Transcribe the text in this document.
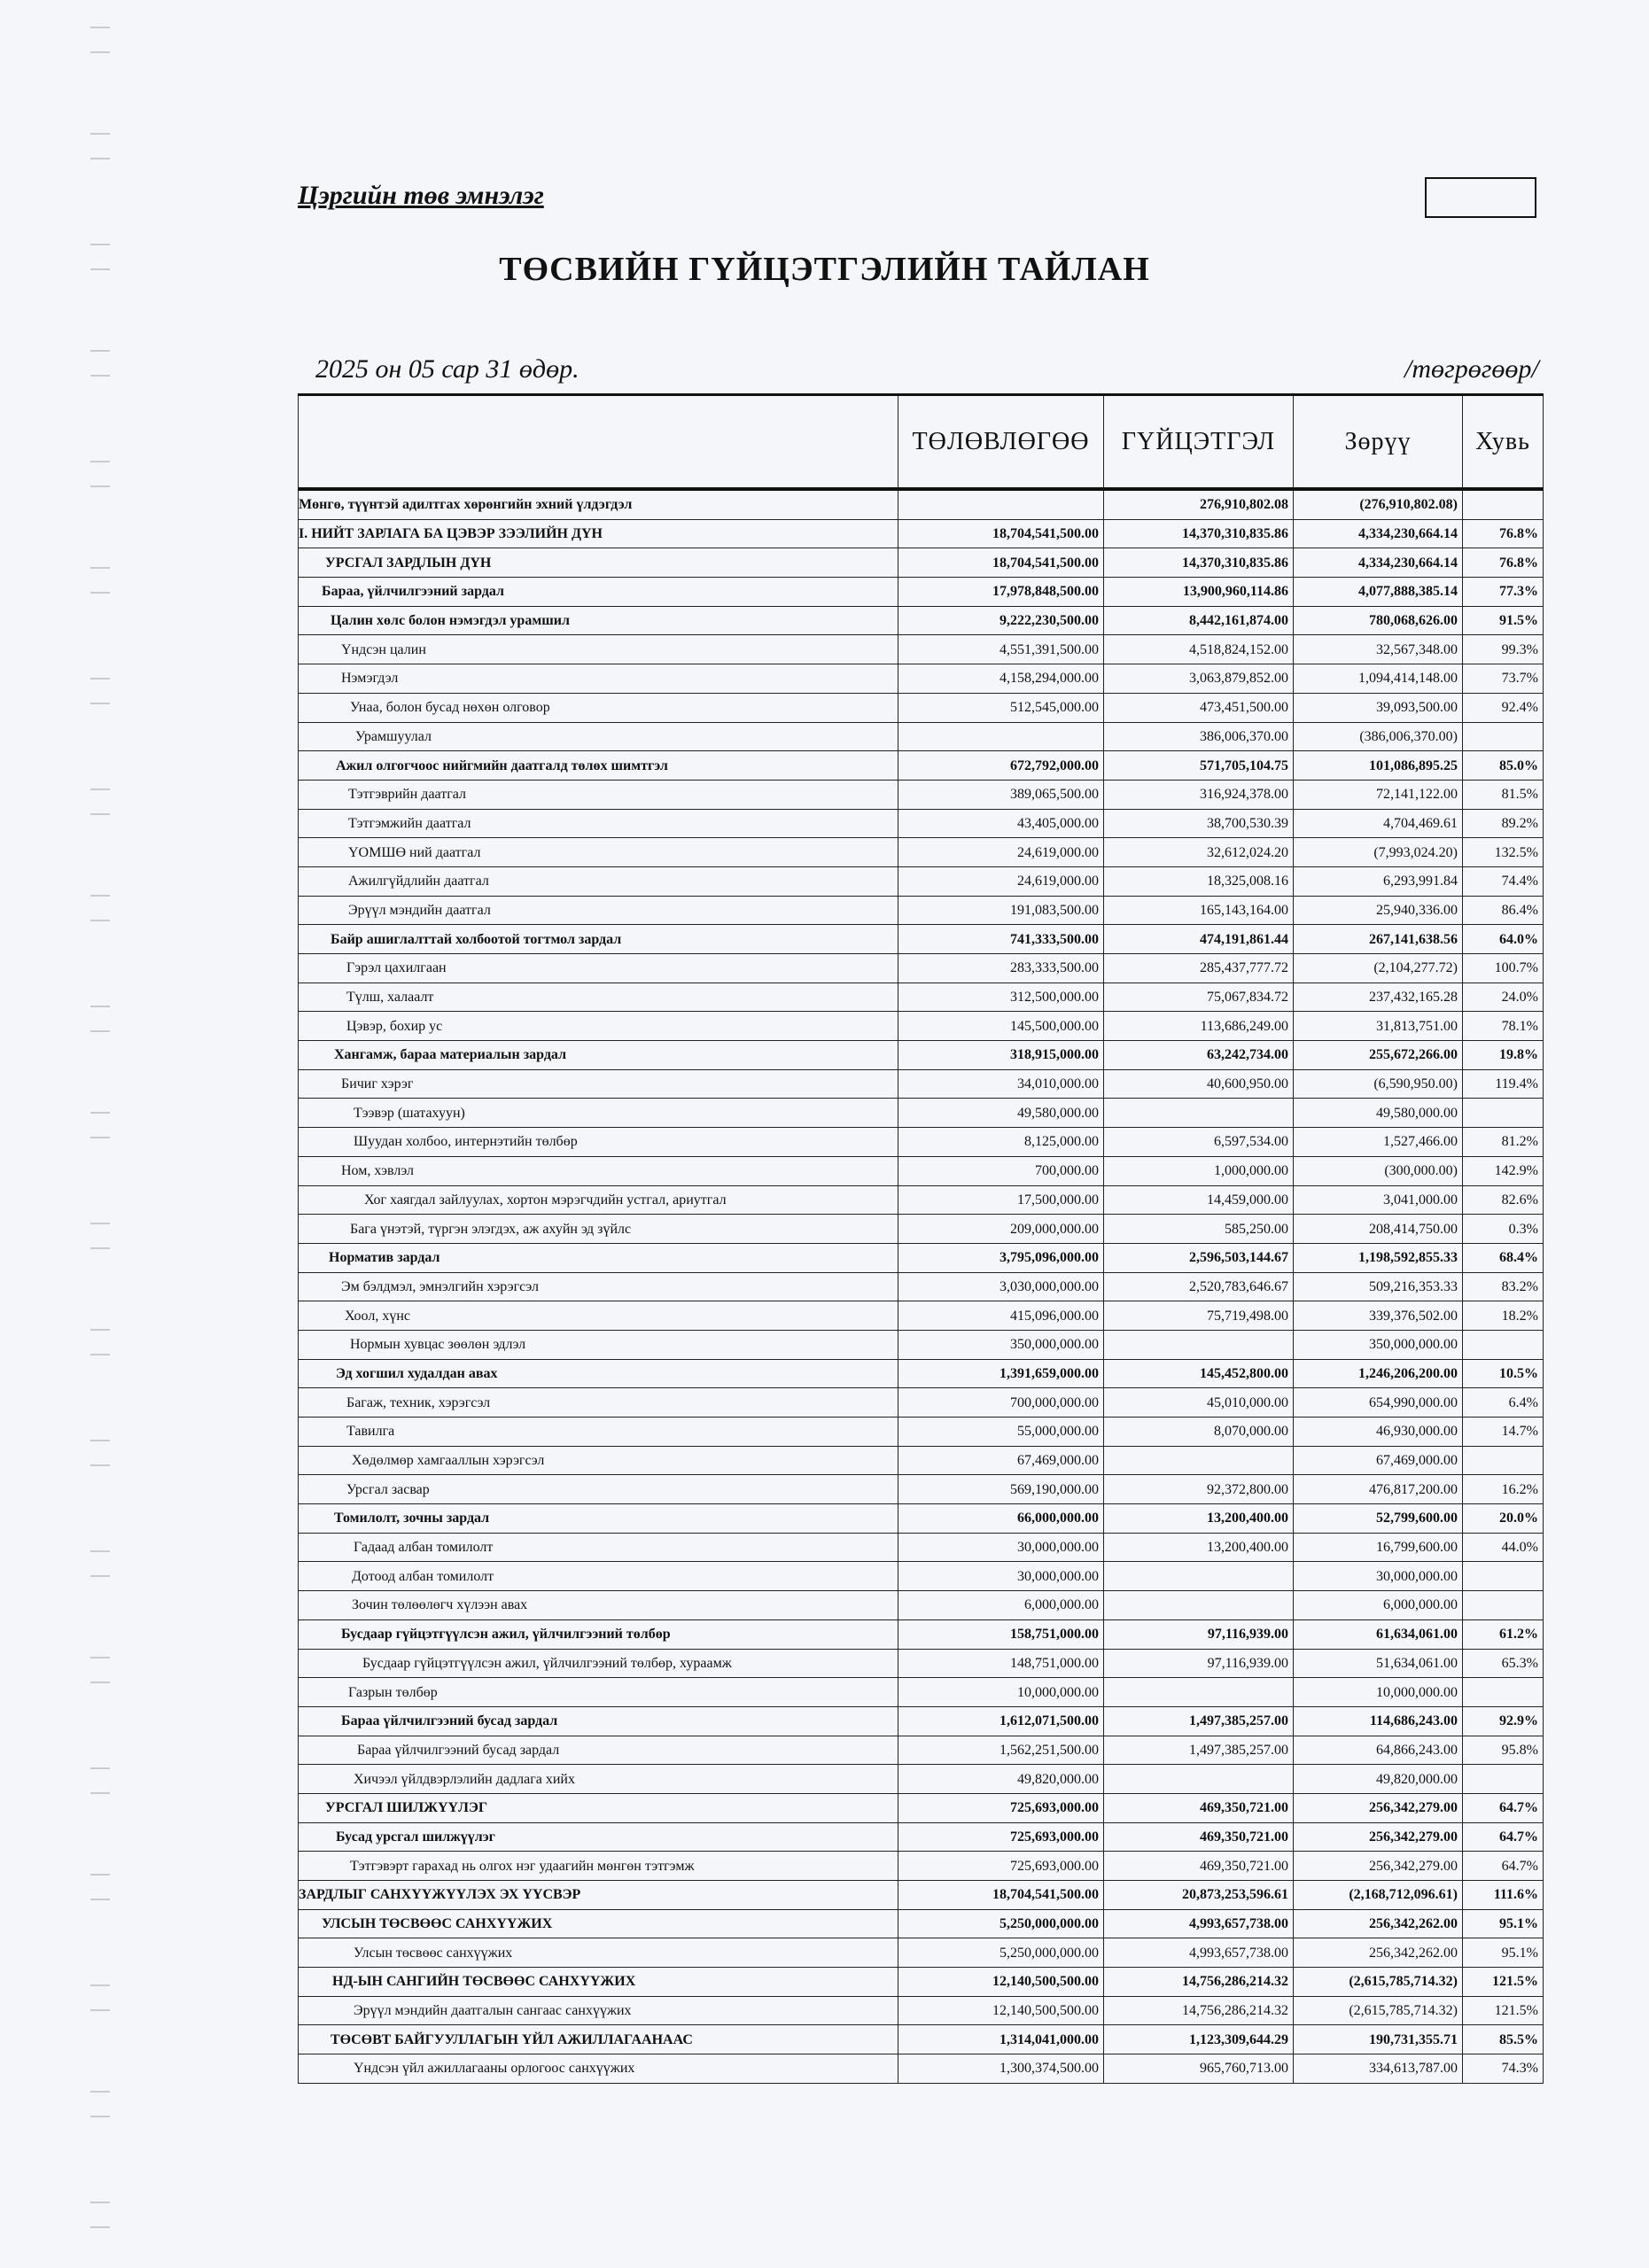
Цэргийн төв эмнэлэг
ТӨСВИЙН ГҮЙЦЭТГЭЛИЙН ТАЙЛАН
2025 он 05 сар 31 өдөр.	/төгрөгөөр/
	ТӨЛӨВЛӨГӨӨ	ГҮЙЦЭТГЭЛ	Зөрүү	Хувь
Мөнгө, түүнтэй адилтгах хөрөнгийн эхний үлдэгдэл		276,910,802.08	(276,910,802.08)	
I. НИЙТ ЗАРЛАГА БА ЦЭВЭР ЗЭЭЛИЙН ДҮН	18,704,541,500.00	14,370,310,835.86	4,334,230,664.14	76.8%
УРСГАЛ ЗАРДЛЫН ДҮН	18,704,541,500.00	14,370,310,835.86	4,334,230,664.14	76.8%
Бараа, үйлчилгээний зардал	17,978,848,500.00	13,900,960,114.86	4,077,888,385.14	77.3%
Цалин хөлс болон нэмэгдэл урамшил	9,222,230,500.00	8,442,161,874.00	780,068,626.00	91.5%
Үндсэн цалин	4,551,391,500.00	4,518,824,152.00	32,567,348.00	99.3%
Нэмэгдэл	4,158,294,000.00	3,063,879,852.00	1,094,414,148.00	73.7%
Унаа, болон бусад нөхөн олговор	512,545,000.00	473,451,500.00	39,093,500.00	92.4%
Урамшуулал		386,006,370.00	(386,006,370.00)	
Ажил олгогчоос нийгмийн даатгалд төлөх шимтгэл	672,792,000.00	571,705,104.75	101,086,895.25	85.0%
Тэтгэврийн даатгал	389,065,500.00	316,924,378.00	72,141,122.00	81.5%
Тэтгэмжийн даатгал	43,405,000.00	38,700,530.39	4,704,469.61	89.2%
ҮОМШӨ ний даатгал	24,619,000.00	32,612,024.20	(7,993,024.20)	132.5%
Ажилгүйдлийн даатгал	24,619,000.00	18,325,008.16	6,293,991.84	74.4%
Эрүүл мэндийн даатгал	191,083,500.00	165,143,164.00	25,940,336.00	86.4%
Байр ашиглалттай холбоотой тогтмол зардал	741,333,500.00	474,191,861.44	267,141,638.56	64.0%
Гэрэл цахилгаан	283,333,500.00	285,437,777.72	(2,104,277.72)	100.7%
Түлш, халаалт	312,500,000.00	75,067,834.72	237,432,165.28	24.0%
Цэвэр, бохир ус	145,500,000.00	113,686,249.00	31,813,751.00	78.1%
Хангамж, бараа материалын зардал	318,915,000.00	63,242,734.00	255,672,266.00	19.8%
Бичиг хэрэг	34,010,000.00	40,600,950.00	(6,590,950.00)	119.4%
Тээвэр (шатахуун)	49,580,000.00		49,580,000.00	
Шуудан холбоо, интернэтийн төлбөр	8,125,000.00	6,597,534.00	1,527,466.00	81.2%
Ном, хэвлэл	700,000.00	1,000,000.00	(300,000.00)	142.9%
Хог хаягдал зайлуулах, хортон мэрэгчдийн устгал, ариутгал	17,500,000.00	14,459,000.00	3,041,000.00	82.6%
Бага үнэтэй, түргэн элэгдэх, аж ахуйн эд зүйлс	209,000,000.00	585,250.00	208,414,750.00	0.3%
Норматив зардал	3,795,096,000.00	2,596,503,144.67	1,198,592,855.33	68.4%
Эм бэлдмэл, эмнэлгийн хэрэгсэл	3,030,000,000.00	2,520,783,646.67	509,216,353.33	83.2%
Хоол, хүнс	415,096,000.00	75,719,498.00	339,376,502.00	18.2%
Нормын хувцас зөөлөн эдлэл	350,000,000.00		350,000,000.00	
Эд хогшил худалдан авах	1,391,659,000.00	145,452,800.00	1,246,206,200.00	10.5%
Багаж, техник, хэрэгсэл	700,000,000.00	45,010,000.00	654,990,000.00	6.4%
Тавилга	55,000,000.00	8,070,000.00	46,930,000.00	14.7%
Хөдөлмөр хамгааллын хэрэгсэл	67,469,000.00		67,469,000.00	
Урсгал засвар	569,190,000.00	92,372,800.00	476,817,200.00	16.2%
Томилолт, зочны зардал	66,000,000.00	13,200,400.00	52,799,600.00	20.0%
Гадаад албан томилолт	30,000,000.00	13,200,400.00	16,799,600.00	44.0%
Дотоод албан томилолт	30,000,000.00		30,000,000.00	
Зочин төлөөлөгч хүлээн авах	6,000,000.00		6,000,000.00	
Бусдаар гүйцэтгүүлсэн ажил, үйлчилгээний төлбөр	158,751,000.00	97,116,939.00	61,634,061.00	61.2%
Бусдаар гүйцэтгүүлсэн ажил, үйлчилгээний төлбөр, хураамж	148,751,000.00	97,116,939.00	51,634,061.00	65.3%
Газрын төлбөр	10,000,000.00		10,000,000.00	
Бараа үйлчилгээний бусад зардал	1,612,071,500.00	1,497,385,257.00	114,686,243.00	92.9%
Бараа үйлчилгээний бусад зардал	1,562,251,500.00	1,497,385,257.00	64,866,243.00	95.8%
Хичээл үйлдвэрлэлийн дадлага хийх	49,820,000.00		49,820,000.00	
УРСГАЛ ШИЛЖҮҮЛЭГ	725,693,000.00	469,350,721.00	256,342,279.00	64.7%
Бусад урсгал шилжүүлэг	725,693,000.00	469,350,721.00	256,342,279.00	64.7%
Тэтгэвэрт гарахад нь олгох нэг удаагийн мөнгөн тэтгэмж	725,693,000.00	469,350,721.00	256,342,279.00	64.7%
ЗАРДЛЫГ САНХҮҮЖҮҮЛЭХ ЭХ ҮҮСВЭР	18,704,541,500.00	20,873,253,596.61	(2,168,712,096.61)	111.6%
УЛСЫН ТӨСВӨӨС САНХҮҮЖИХ	5,250,000,000.00	4,993,657,738.00	256,342,262.00	95.1%
Улсын төсвөөс санхүүжих	5,250,000,000.00	4,993,657,738.00	256,342,262.00	95.1%
НД-ЫН САНГИЙН ТӨСВӨӨС САНХҮҮЖИХ	12,140,500,500.00	14,756,286,214.32	(2,615,785,714.32)	121.5%
Эрүүл мэндийн даатгалын сангаас санхүүжих	12,140,500,500.00	14,756,286,214.32	(2,615,785,714.32)	121.5%
ТӨСӨВТ БАЙГУУЛЛАГЫН ҮЙЛ АЖИЛЛАГААНААС	1,314,041,000.00	1,123,309,644.29	190,731,355.71	85.5%
Үндсэн үйл ажиллагааны орлогоос санхүүжих	1,300,374,500.00	965,760,713.00	334,613,787.00	74.3%
